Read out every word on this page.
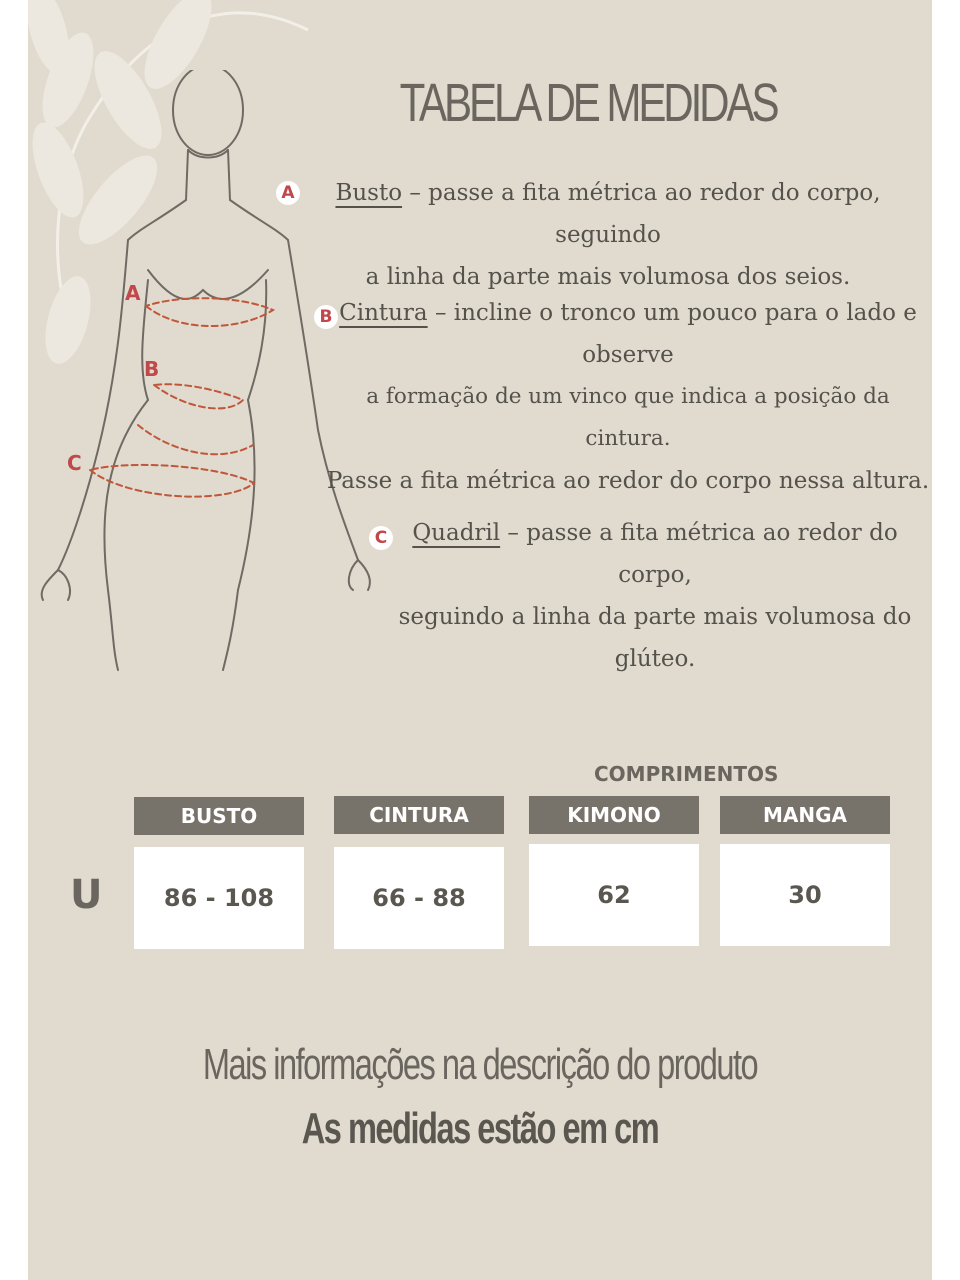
A
B
C
TABELA DE MEDIDAS
A	Busto – passe a fita métrica ao redor do corpo, seguindo
a linha da parte mais volumosa dos seios.
B Cintura – incline o tronco um pouco para o lado e
observe
a formação de um vinco que indica a posição da cintura.
Passe a fita métrica ao redor do corpo nessa altura.
C	Quadril – passe a fita métrica ao redor do corpo,
seguindo a linha da parte mais volumosa do
glúteo.
COMPRIMENTOS
BUSTO	CINTURA	KIMONO	MANGA
U	86 - 108	66 - 88	62	30
Mais informações na descrição do produto
As medidas estão em cm
